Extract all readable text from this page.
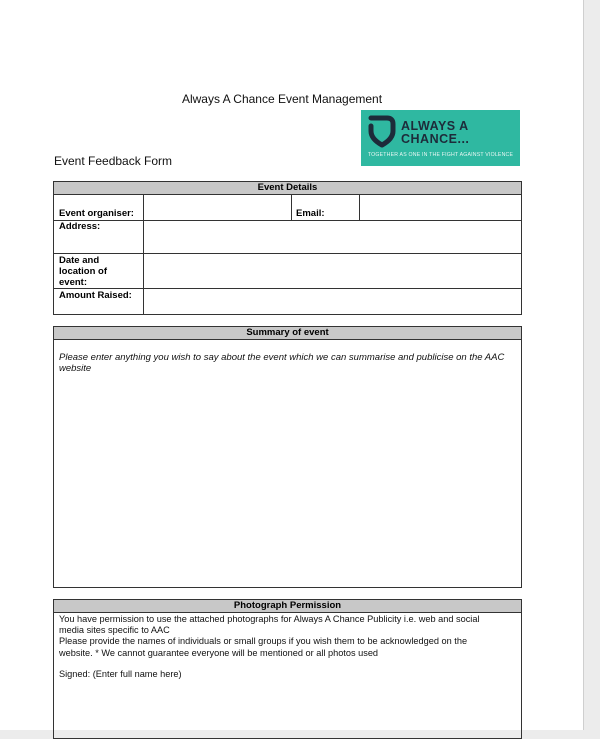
Always A Chance Event Management
ALWAYS A
CHANCE...
TOGETHER AS ONE IN THE FIGHT AGAINST VIOLENCE
Event Feedback Form
Event Details
Event organiser:	Email:
Address:
Date and
location of
event:
Amount Raised:
Summary of event
Please enter anything you wish to say about the event which we can summarise and publicise on the AAC website
Photograph Permission
You have permission to use the attached photographs for Always A Chance Publicity i.e. web and social
media sites specific to AAC
Please provide the names of individuals or small groups if you wish them to be acknowledged on the
website. * We cannot guarantee everyone will be mentioned or all photos used
Signed: (Enter full name here)
